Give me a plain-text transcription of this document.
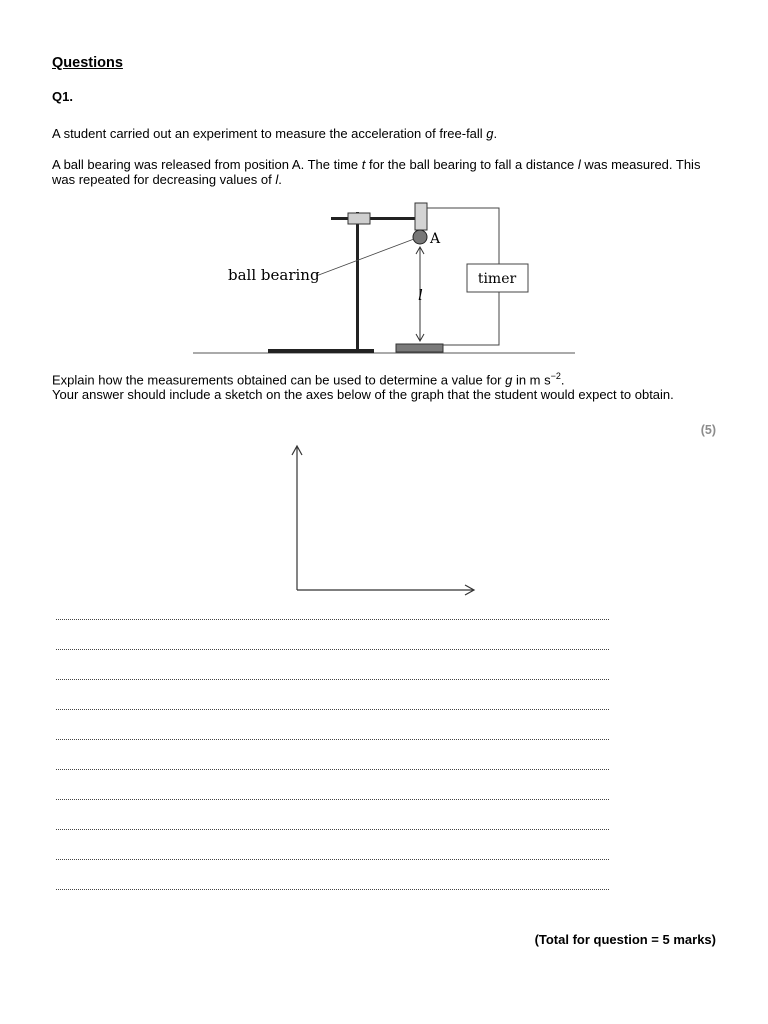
Questions
Q1.
A student carried out an experiment to measure the acceleration of free-fall g.
A ball bearing was released from position A. The time t for the ball bearing to fall a distance l was measured. This was repeated for decreasing values of l.
A
ball bearing
l
timer
Explain how the measurements obtained can be used to determine a value for g in m $s^{-2}$.
Your answer should include a sketch on the axes below of the graph that the student would expect to obtain.
(5)
(Total for question = 5 marks)
